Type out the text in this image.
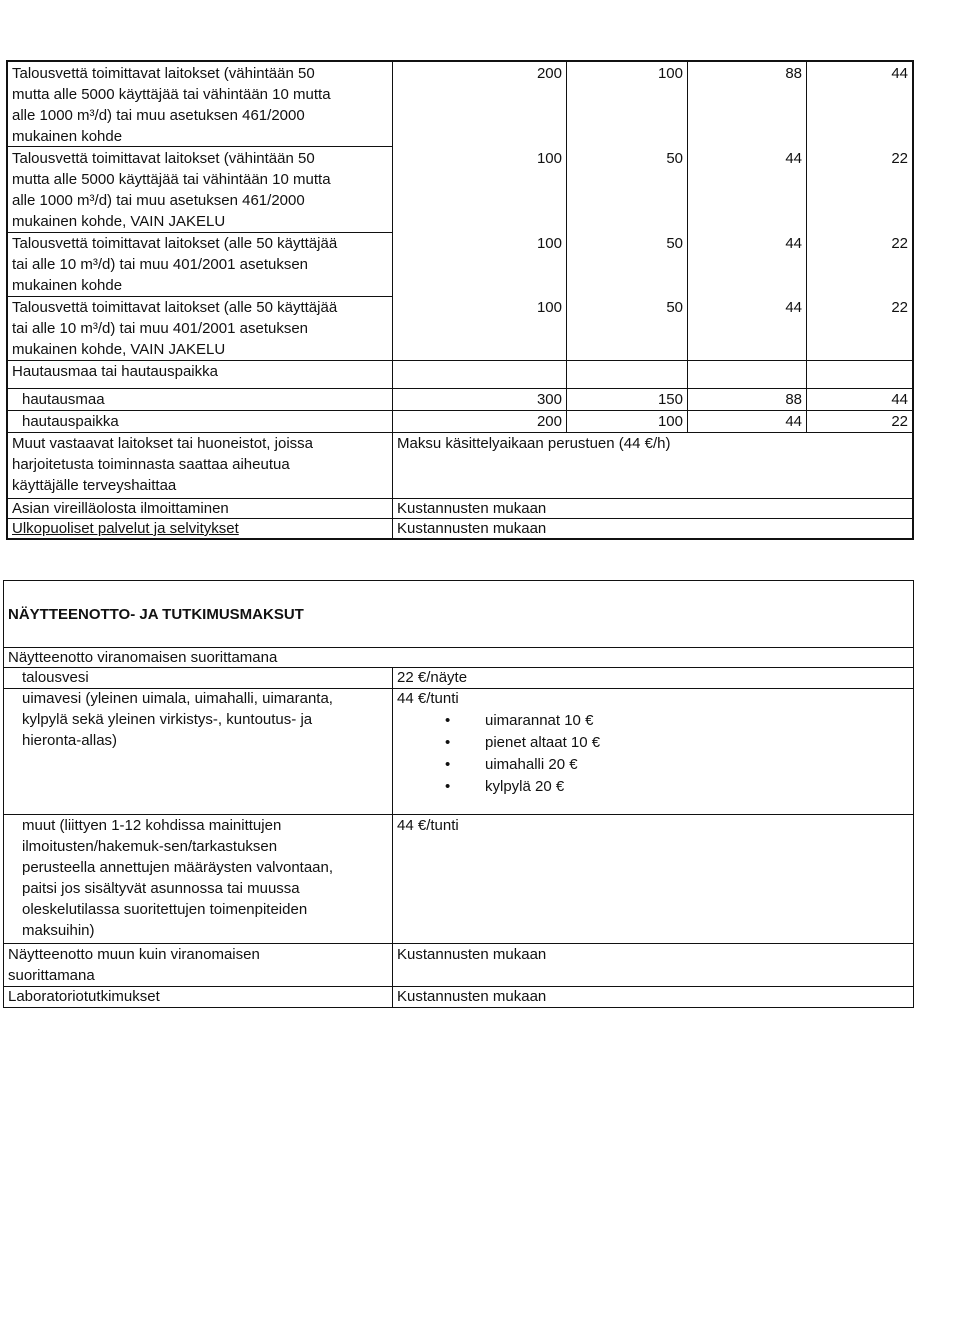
Talousvettä toimittavat laitokset (vähintään 50
mutta alle 5000 käyttäjää tai vähintään 10 mutta
alle 1000 m³/d) tai muu asetuksen 461/2000
mukainen kohde
200	100	88	44
Talousvettä toimittavat laitokset (vähintään 50
mutta alle 5000 käyttäjää tai vähintään 10 mutta
alle 1000 m³/d) tai muu asetuksen 461/2000
mukainen kohde, VAIN JAKELU
100	50	44	22
Talousvettä toimittavat laitokset (alle 50 käyttäjää
tai alle 10 m³/d) tai muu 401/2001 asetuksen
mukainen kohde
100	50	44	22
Talousvettä toimittavat laitokset (alle 50 käyttäjää
tai alle 10 m³/d) tai muu 401/2001 asetuksen
mukainen kohde, VAIN JAKELU
100	50	44	22
Hautausmaa tai hautauspaikka
hautausmaa	300	150	88	44
hautauspaikka	200	100	44	22
Muut vastaavat laitokset tai huoneistot, joissa
harjoitetusta toiminnasta saattaa aiheutua
käyttäjälle terveyshaittaa
Maksu käsittelyaikaan perustuen (44 €/h)
Asian vireilläolosta ilmoittaminen	Kustannusten mukaan
Ulkopuoliset palvelut ja selvitykset	Kustannusten mukaan
NÄYTTEENOTTO- JA TUTKIMUSMAKSUT
Näytteenotto viranomaisen suorittamana
talousvesi	22 €/näyte
uimavesi (yleinen uimala, uimahalli, uimaranta,
kylpylä sekä yleinen virkistys-, kuntoutus- ja
hieronta-allas)
44 €/tunti
• uimarannat 10 €
• pienet altaat 10 €
• uimahalli 20 €
• kylpylä 20 €
muut (liittyen 1-12 kohdissa mainittujen
ilmoitusten/hakemuk-sen/tarkastuksen
perusteella annettujen määräysten valvontaan,
paitsi jos sisältyvät asunnossa tai muussa
oleskelutilassa suoritettujen toimenpiteiden
maksuihin)
44 €/tunti
Näytteenotto muun kuin viranomaisen
suorittamana
Kustannusten mukaan
Laboratoriotutkimukset	Kustannusten mukaan
